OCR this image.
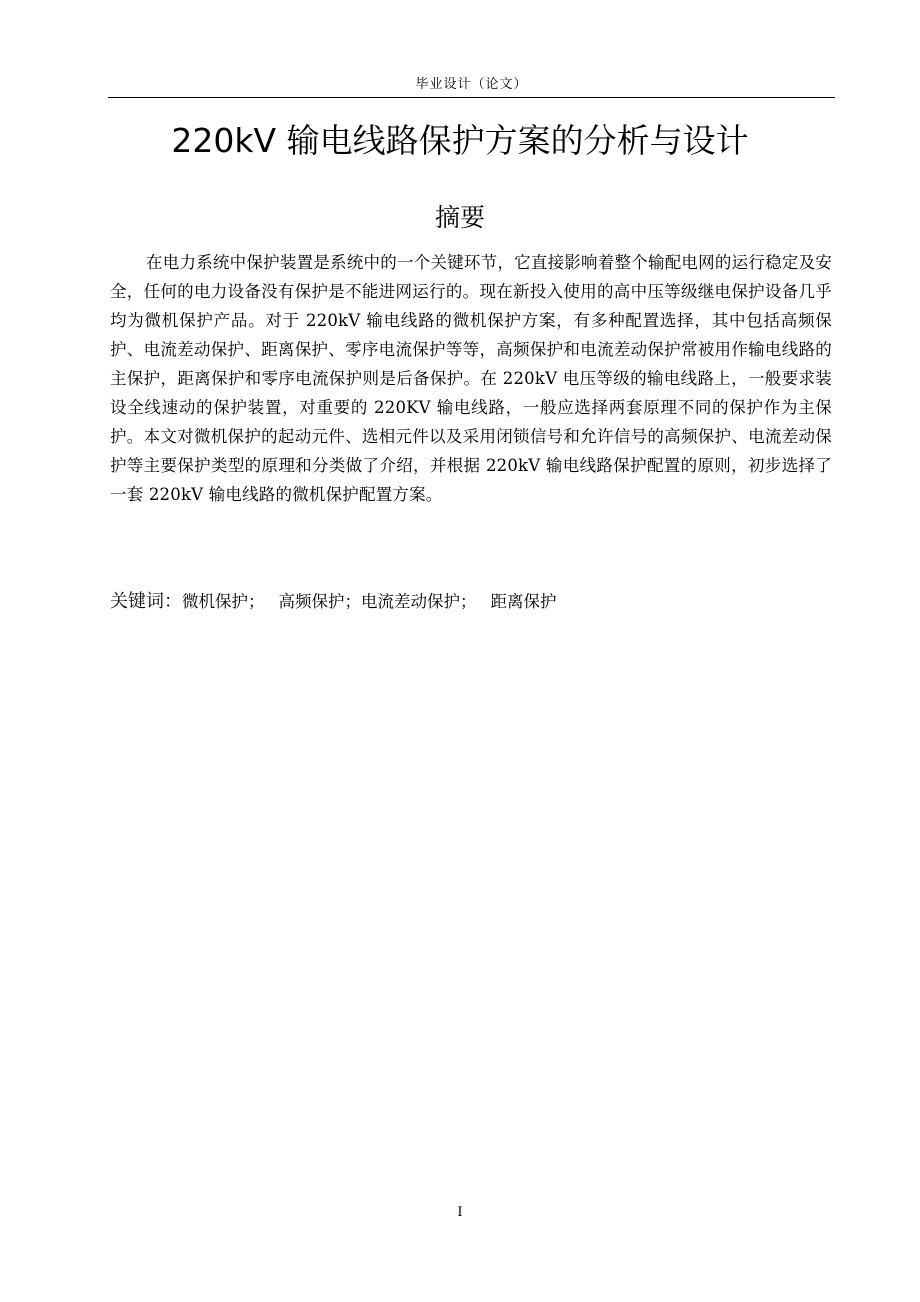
毕业设计（论文）
220kV 输电线路保护方案的分析与设计
摘要

在电力系统中保护装置是系统中的一个关键环节，它直接影响着整个输配电网的运行稳定及安全，任何的电力设备没有保护是不能进网运行的。现在新投入使用的高中压等级继电保护设备几乎均为微机保护产品。对于 220kV 输电线路的微机保护方案，有多种配置选择，其中包括高频保护、电流差动保护、距离保护、零序电流保护等等，高频保护和电流差动保护常被用作输电线路的主保护，距离保护和零序电流保护则是后备保护。在 220kV 电压等级的输电线路上，一般要求装设全线速动的保护装置，对重要的 220KV 输电线路，一般应选择两套原理不同的保护作为主保护。本文对微机保护的起动元件、选相元件以及采用闭锁信号和允许信号的高频保护、电流差动保护等主要保护类型的原理和分类做了介绍，并根据 220kV 输电线路保护配置的原则，初步选择了一套 220kV 输电线路的微机保护配置方案。

关键词：微机保护； 高频保护；电流差动保护； 距离保护
I
